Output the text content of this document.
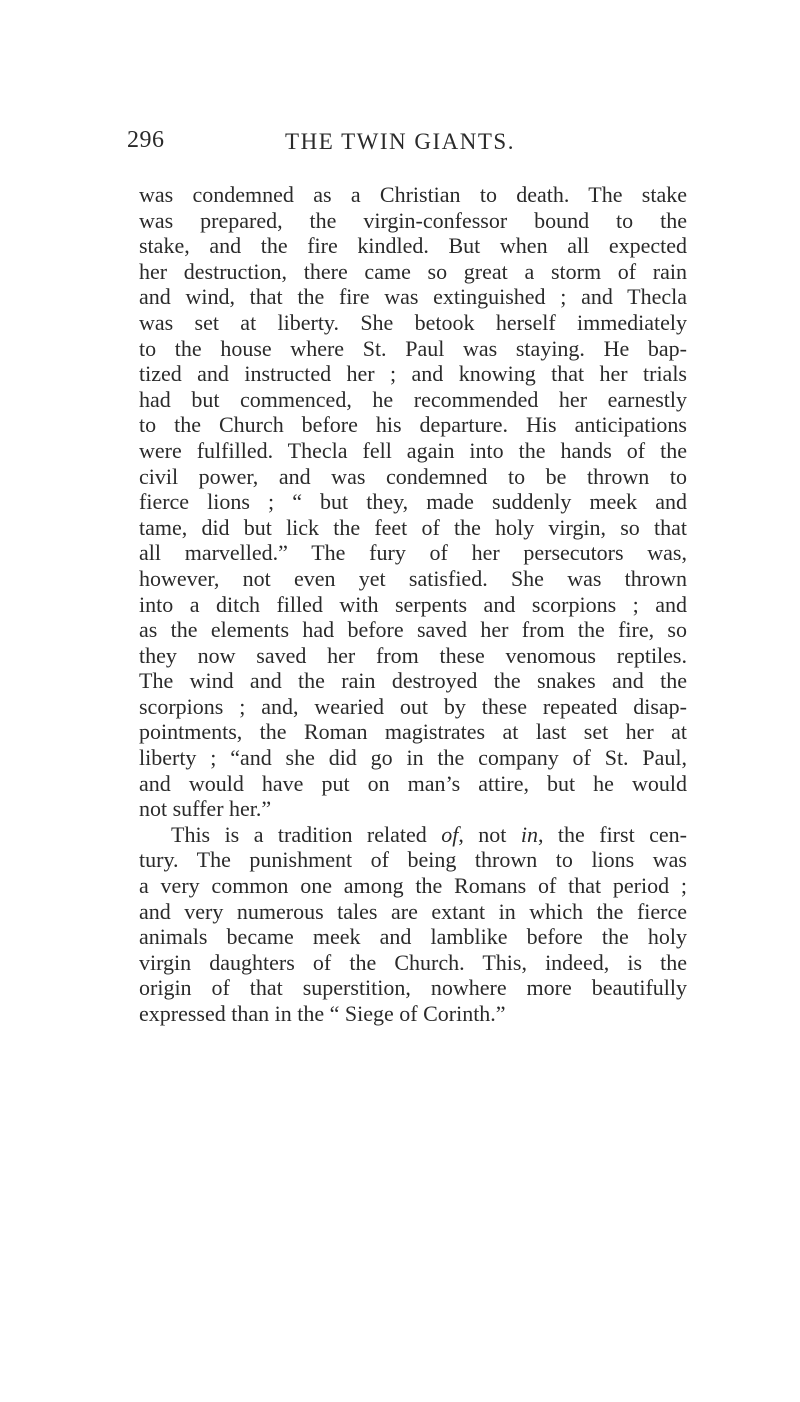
296	THE TWIN GIANTS.
was condemned as a Christian to death. The stake
was prepared, the virgin-confessor bound to the
stake, and the fire kindled. But when all expected
her destruction, there came so great a storm of rain
and wind, that the fire was extinguished ; and Thecla
was set at liberty. She betook herself immediately
to the house where St. Paul was staying. He bap-
tized and instructed her ; and knowing that her trials
had but commenced, he recommended her earnestly
to the Church before his departure. His anticipations
were fulfilled. Thecla fell again into the hands of the
civil power, and was condemned to be thrown to
fierce lions ; “ but they, made suddenly meek and
tame, did but lick the feet of the holy virgin, so that
all marvelled.” The fury of her persecutors was,
however, not even yet satisfied. She was thrown
into a ditch filled with serpents and scorpions ; and
as the elements had before saved her from the fire, so
they now saved her from these venomous reptiles.
The wind and the rain destroyed the snakes and the
scorpions ; and, wearied out by these repeated disap-
pointments, the Roman magistrates at last set her at
liberty ; “and she did go in the company of St. Paul,
and would have put on man’s attire, but he would
not suffer her.”
This is a tradition related of, not in, the first cen-
tury. The punishment of being thrown to lions was
a very common one among the Romans of that period ;
and very numerous tales are extant in which the fierce
animals became meek and lamblike before the holy
virgin daughters of the Church. This, indeed, is the
origin of that superstition, nowhere more beautifully
expressed than in the “ Siege of Corinth.”
